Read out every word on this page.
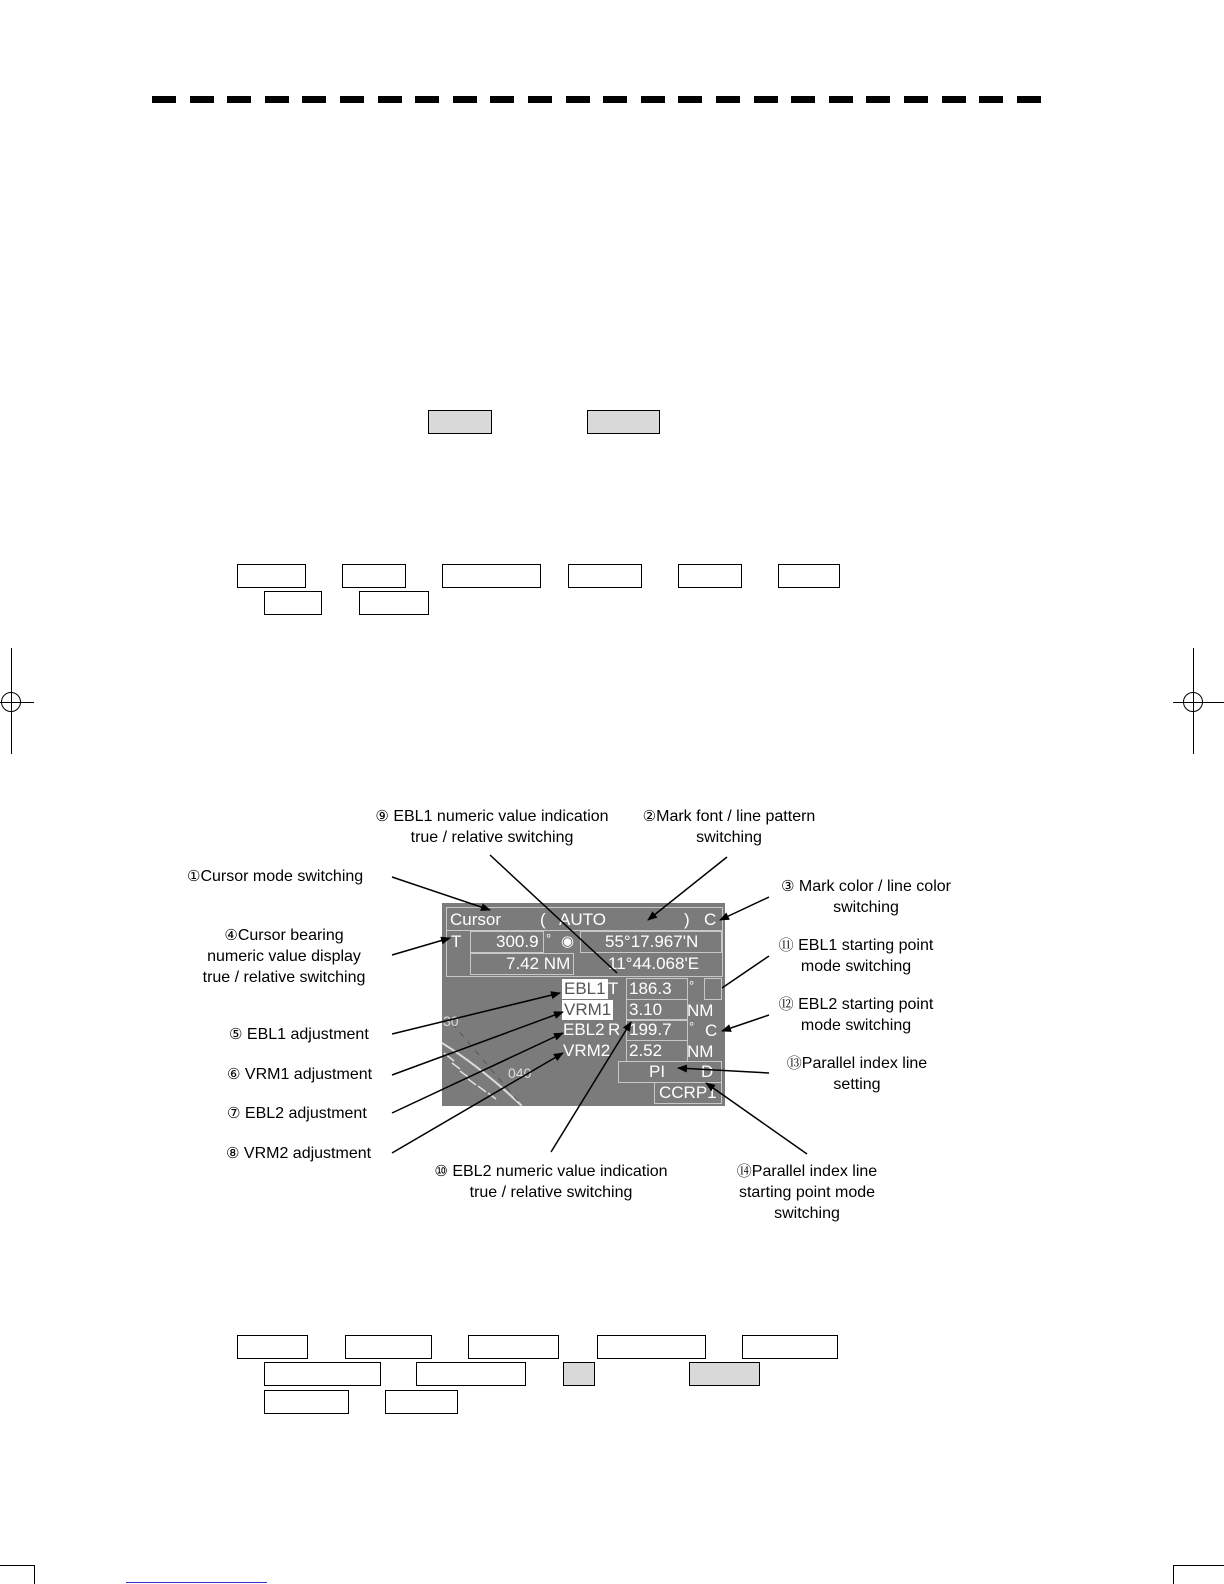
Cursor ( AUTO	) C
T 300.9 ° ◉ 55°17.967'N
7.42 NM 11°44.068'E
EBL1 T 186.3 °
VRM1 3.10 NM
EBL2 R 199.7 ° C
VRM2 2.52 NM
PI D
CCRP1
30
040
①Cursor mode switching
⑨ EBL1 numeric value indication
true / relative switching
②Mark font / line pattern
switching
③ Mark color / line color
switching
④Cursor bearing
numeric value display
true / relative switching
⑪ EBL1 starting point
mode switching
⑫ EBL2 starting point
mode switching
⑤ EBL1 adjustment
⑥ VRM1 adjustment
⑦ EBL2 adjustment
⑧ VRM2 adjustment
⑬Parallel index line
setting
⑩ EBL2 numeric value indication
true / relative switching
⑭Parallel index line
starting point mode
switching
